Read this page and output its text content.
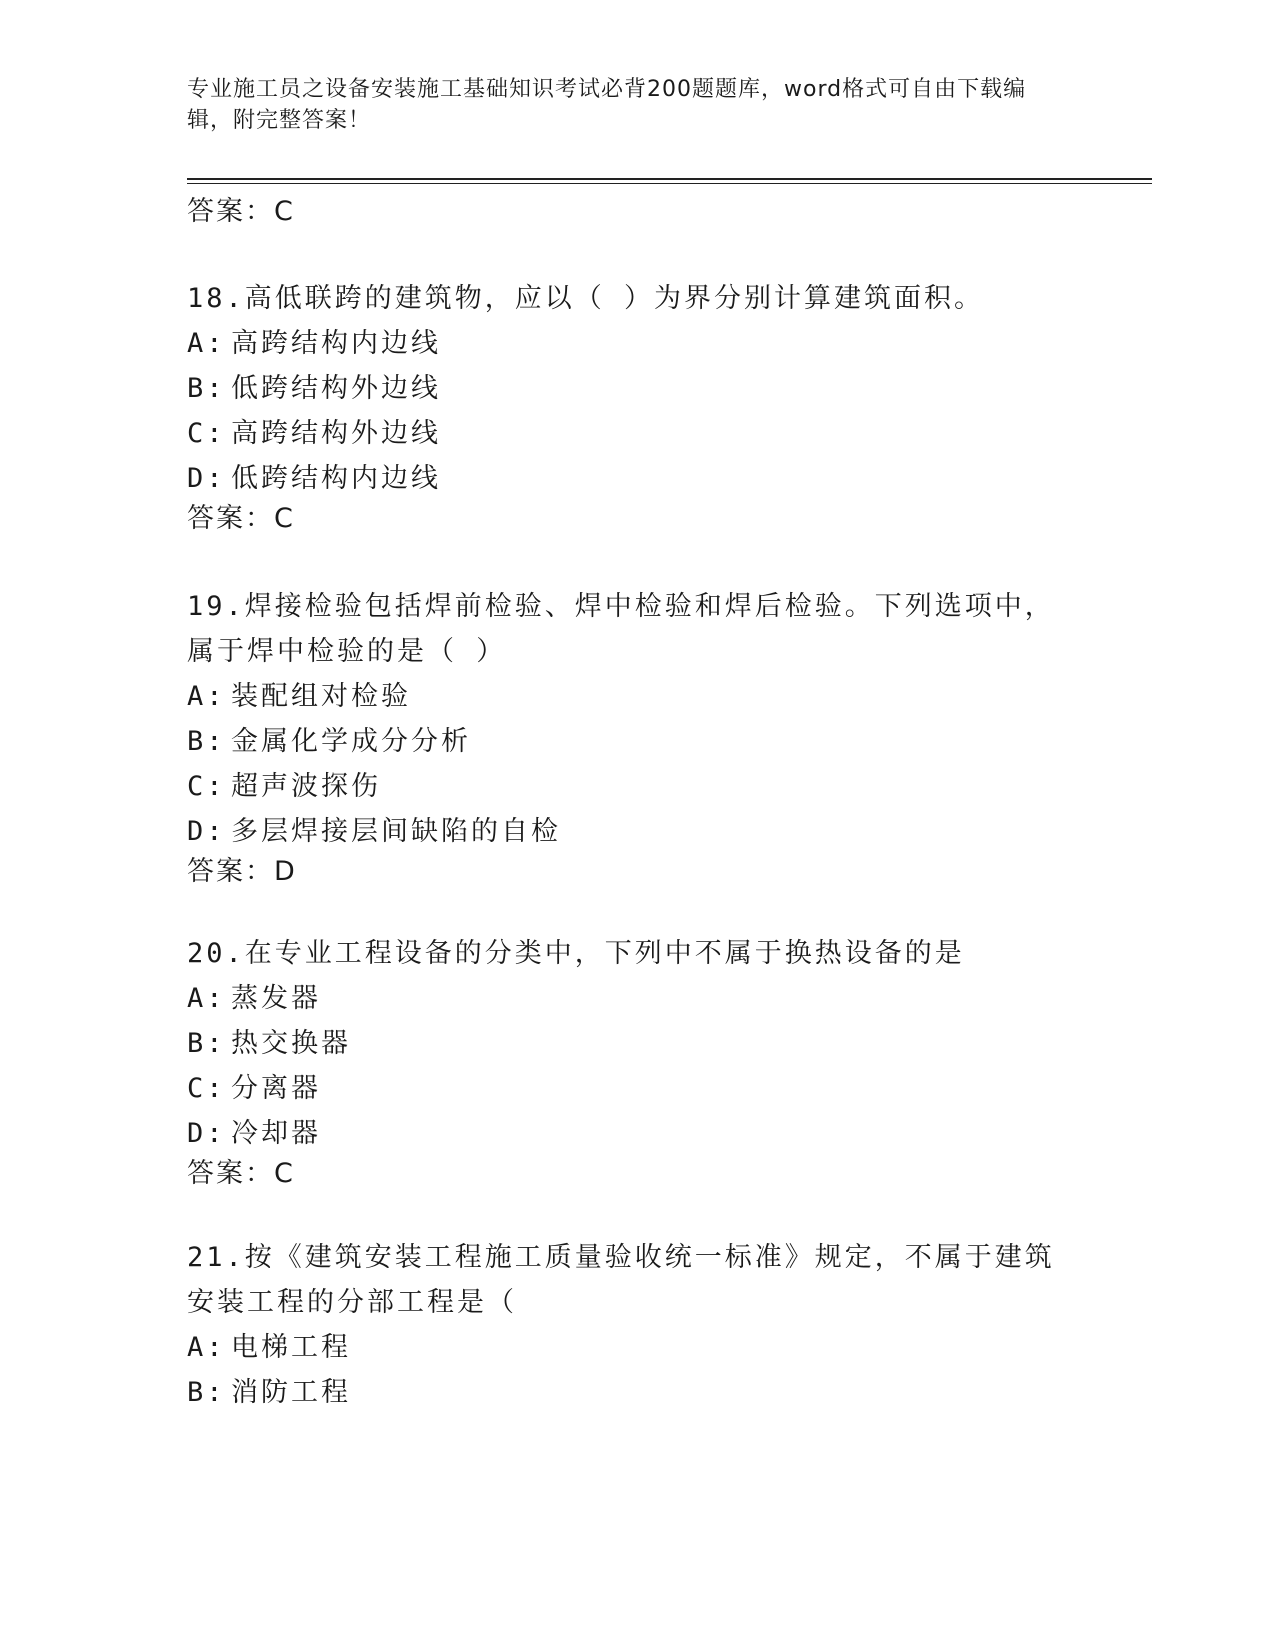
专业施工员之设备安装施工基础知识考试必背200题题库，word格式可自由下载编辑，附完整答案！
答案：C

18.高低联跨的建筑物，应以（ ）为界分别计算建筑面积。

A: 高跨结构内边线
B: 低跨结构外边线
C: 高跨结构外边线
D: 低跨结构内边线
答案：C

19.焊接检验包括焊前检验、焊中检验和焊后检验。下列选项中，属于焊中检验的是（ ）

A: 装配组对检验
B: 金属化学成分分析
C: 超声波探伤
D: 多层焊接层间缺陷的自检
答案：D

20.在专业工程设备的分类中，下列中不属于换热设备的是

A: 蒸发器
B: 热交换器
C: 分离器
D: 冷却器
答案：C

21.按《建筑安装工程施工质量验收统一标准》规定，不属于建筑安装工程的分部工程是（

A: 电梯工程
B: 消防工程
